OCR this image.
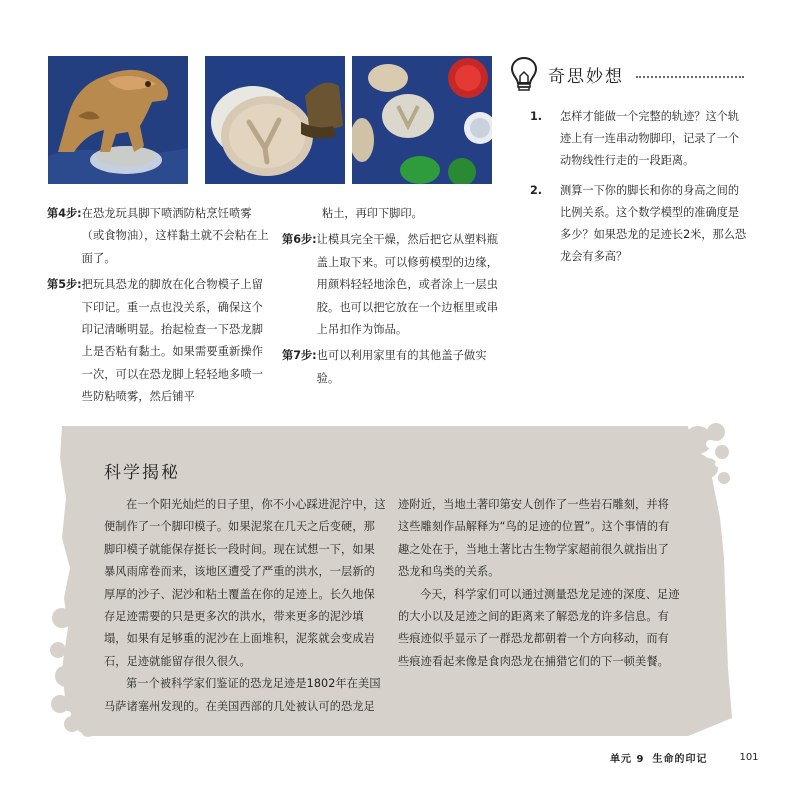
第4步: 在恐龙玩具脚下喷洒防粘烹饪喷雾（或食物油），这样黏土就不会粘在上面了。
第5步: 把玩具恐龙的脚放在化合物模子上留下印记。重一点也没关系，确保这个印记清晰明显。抬起检查一下恐龙脚上是否粘有黏土。如果需要重新操作一次，可以在恐龙脚上轻轻地多喷一些防粘喷雾，然后铺平
粘土，再印下脚印。
第6步: 让模具完全干燥，然后把它从塑料瓶盖上取下来。可以修剪模型的边缘，用颜料轻轻地涂色，或者涂上一层虫胶。也可以把它放在一个边框里或串上吊扣作为饰品。
第7步: 也可以利用家里有的其他盖子做实验。
奇思妙想
1.	怎样才能做一个完整的轨迹？这个轨迹上有一连串动物脚印，记录了一个动物线性行走的一段距离。
2.	测算一下你的脚长和你的身高之间的比例关系。这个数学模型的准确度是多少？如果恐龙的足迹长2米，那么恐龙会有多高？
科学揭秘

在一个阳光灿烂的日子里，你不小心踩进泥泞中，这便制作了一个脚印模子。如果泥浆在几天之后变硬，那脚印模子就能保存挺长一段时间。现在试想一下，如果暴风雨席卷而来，该地区遭受了严重的洪水，一层新的厚厚的沙子、泥沙和粘土覆盖在你的足迹上。长久地保存足迹需要的只是更多次的洪水，带来更多的泥沙填塌，如果有足够重的泥沙在上面堆积，泥浆就会变成岩石，足迹就能留存很久很久。

第一个被科学家们鉴证的恐龙足迹是1802年在美国马萨诸塞州发现的。在美国西部的几处被认可的恐龙足

迹附近，当地土著印第安人创作了一些岩石雕刻，并将这些雕刻作品解释为“鸟的足迹的位置”。这个事情的有趣之处在于，当地土著比古生物学家超前很久就指出了恐龙和鸟类的关系。

今天，科学家们可以通过测量恐龙足迹的深度、足迹的大小以及足迹之间的距离来了解恐龙的许多信息。有些痕迹似乎显示了一群恐龙都朝着一个方向移动，而有些痕迹看起来像是食肉恐龙在捕猎它们的下一顿美餐。

单元 9 生命的印记	101
